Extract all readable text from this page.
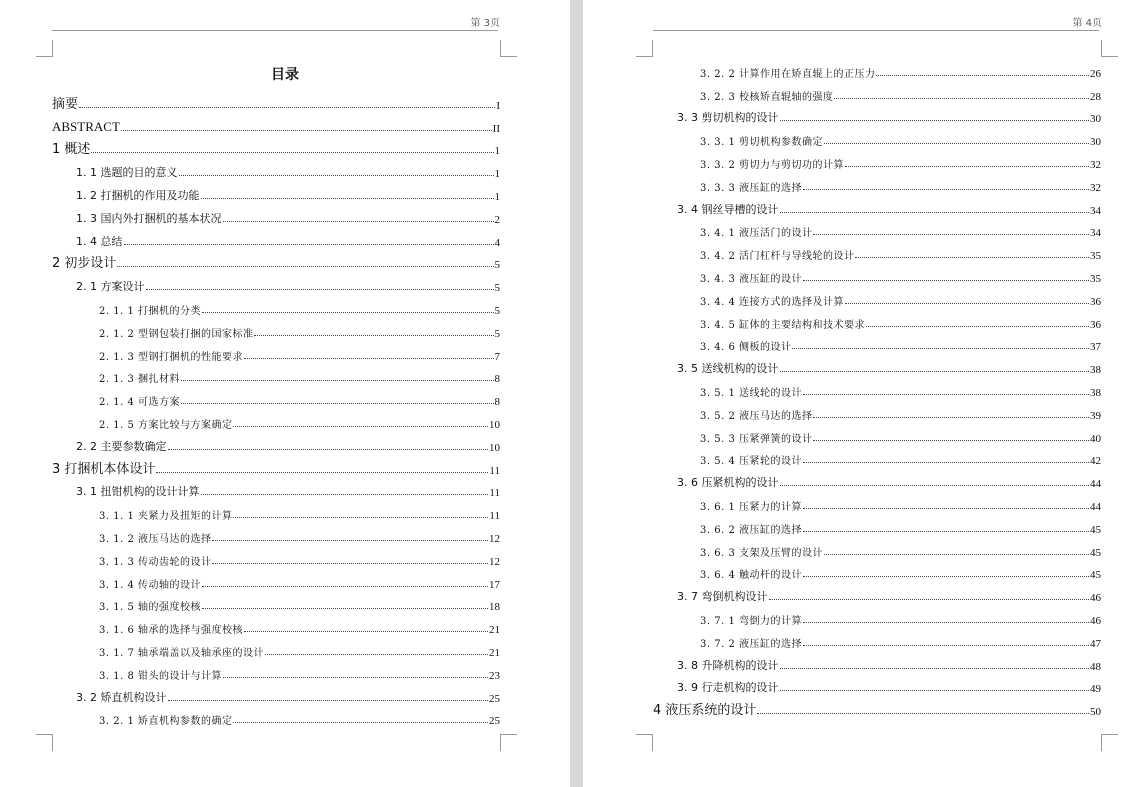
第 3页
目录
摘要	I
ABSTRACT	II
1 概述	1
1. 1 选题的目的意义	1
1. 2 打捆机的作用及功能	1
1. 3 国内外打捆机的基本状况	2
1. 4 总结	4
2 初步设计	5
2. 1 方案设计	5
2. 1. 1 打捆机的分类	5
2. 1. 2 型钢包装打捆的国家标准	5
2. 1. 3 型钢打捆机的性能要求	7
2. 1. 3 捆扎材料	8
2. 1. 4 可选方案	8
2. 1. 5 方案比较与方案确定	10
2. 2 主要参数确定	10
3 打捆机本体设计	11
3. 1 扭钳机构的设计计算	11
3. 1. 1 夹紧力及扭矩的计算	11
3. 1. 2 液压马达的选择	12
3. 1. 3 传动齿轮的设计	12
3. 1. 4 传动轴的设计	17
3. 1. 5 轴的强度校核	18
3. 1. 6 轴承的选择与强度校核	21
3. 1. 7 轴承端盖以及轴承座的设计	21
3. 1. 8 钳头的设计与计算	23
3. 2 矫直机构设计	25
3. 2. 1 矫直机构参数的确定	25
第 4页
3. 2. 2 计算作用在矫直辊上的正压力	26
3. 2. 3 校核矫直辊轴的强度	28
3. 3 剪切机构的设计	30
3. 3. 1 剪切机构参数确定	30
3. 3. 2 剪切力与剪切功的计算	32
3. 3. 3 液压缸的选择	32
3. 4 钢丝导槽的设计	34
3. 4. 1 液压活门的设计	34
3. 4. 2 活门杠杆与导线轮的设计	35
3. 4. 3 液压缸的设计	35
3. 4. 4 连接方式的选择及计算	36
3. 4. 5 缸体的主要结构和技术要求	36
3. 4. 6 侧板的设计	37
3. 5 送线机构的设计	38
3. 5. 1 送线轮的设计	38
3. 5. 2 液压马达的选择	39
3. 5. 3 压紧弹簧的设计	40
3. 5. 4 压紧轮的设计	42
3. 6 压紧机构的设计	44
3. 6. 1 压紧力的计算	44
3. 6. 2 液压缸的选择	45
3. 6. 3 支架及压臂的设计	45
3. 6. 4 触动杆的设计	45
3. 7 弯倒机构设计	46
3. 7. 1 弯倒力的计算	46
3. 7. 2 液压缸的选择	47
3. 8 升降机构的设计	48
3. 9 行走机构的设计	49
4 液压系统的设计	50
